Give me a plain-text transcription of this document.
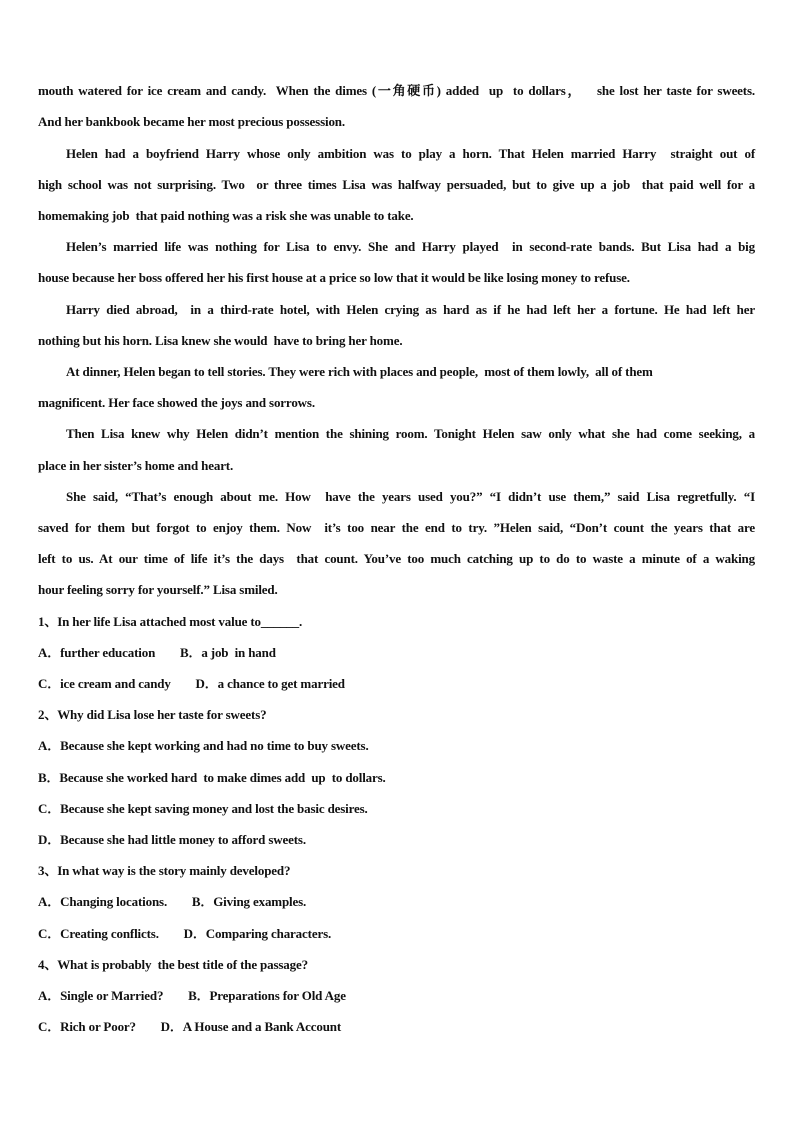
mouth watered for ice cream and candy.  When the dimes (一角硬币) added  up  to dollars，   she lost her taste for sweets.
And her bankbook became her most precious possession.
Helen had a boyfriend Harry whose only ambition was to play a horn. That Helen married Harry  straight out of
high school was not surprising. Two  or three times Lisa was halfway persuaded, but to give up a job  that paid well for a
homemaking job  that paid nothing was a risk she was unable to take.
Helen’s married life was nothing for Lisa to envy. She and Harry played  in second-rate bands. But Lisa had a big
house because her boss offered her his first house at a price so low that it would be like losing money to refuse.
Harry died abroad,  in a third-rate hotel, with Helen crying as hard as if he had left her a fortune. He had left her
nothing but his horn. Lisa knew she would  have to bring her home.
At dinner, Helen began to tell stories. They were rich with places and people,  most of them lowly,  all of them
magnificent. Her face showed the joys and sorrows.
Then Lisa knew why Helen didn’t mention the shining room. Tonight Helen saw only what she had come seeking, a
place in her sister’s home and heart.
She said, “That’s enough about me. How  have the years used you?” “I didn’t use them,” said Lisa regretfully. “I
saved for them but forgot to enjoy them. Now  it’s too near the end to try. ”Helen said, “Don’t count the years that are
left to us. At our time of life it’s the days  that count. You’ve too much catching up to do to waste a minute of a waking
hour feeling sorry for yourself.” Lisa smiled.
1、In her life Lisa attached most value to______.
A．further education        B．a job  in hand
C．ice cream and candy        D．a chance to get married
2、Why did Lisa lose her taste for sweets?
A．Because she kept working and had no time to buy sweets.
B．Because she worked hard  to make dimes add  up  to dollars.
C．Because she kept saving money and lost the basic desires.
D．Because she had little money to afford sweets.
3、In what way is the story mainly developed?
A．Changing locations.        B．Giving examples.
C．Creating conflicts.        D．Comparing characters.
4、What is probably  the best title of the passage?
A．Single or Married?        B．Preparations for Old Age
C．Rich or Poor?        D．A House and a Bank Account
